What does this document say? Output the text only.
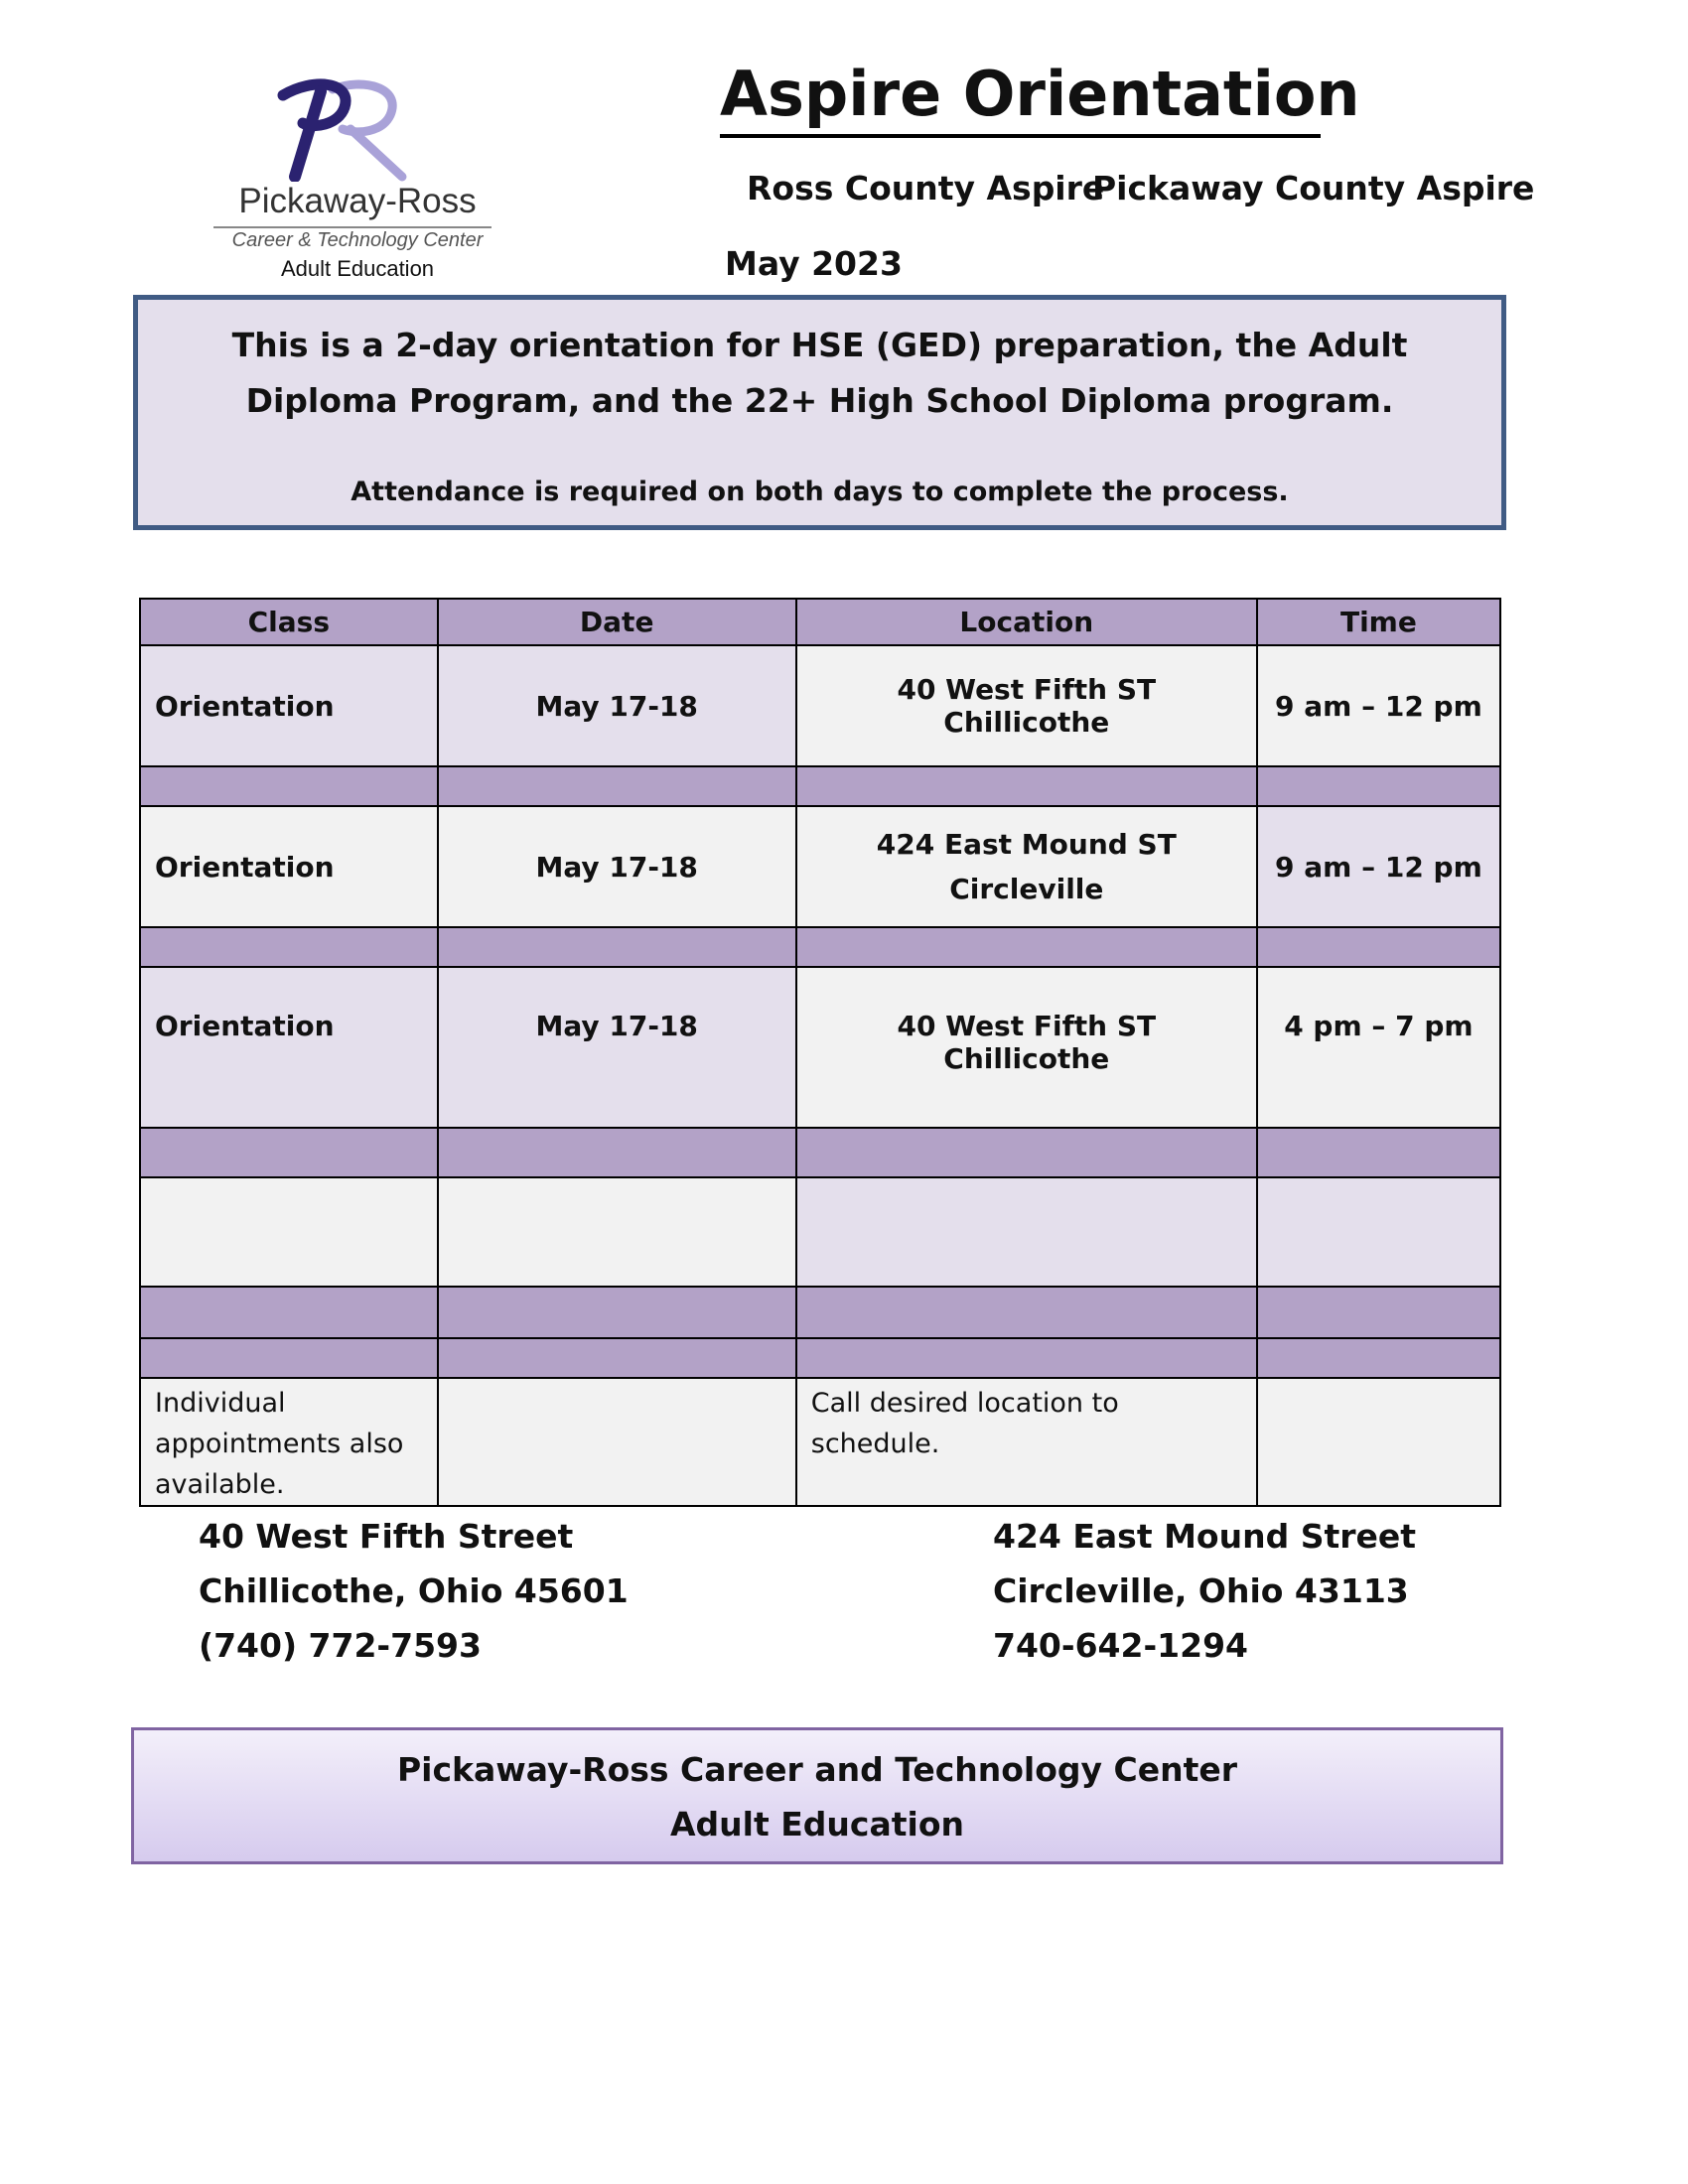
Pickaway-Ross
Career & Technology Center
Adult Education
Aspire Orientation
Ross County Aspire
Pickaway County Aspire
May 2023
This is a 2-day orientation for HSE (GED) preparation, the Adult Diploma Program, and the 22+ High School Diploma program.
Attendance is required on both days to complete the process.
Class	Date	Location	Time
Orientation	May 17-18	40 West Fifth ST Chillicothe	9 am – 12 pm

Orientation	May 17-18	424 East Mound ST Circleville	9 am – 12 pm

Orientation	May 17-18	40 West Fifth ST Chillicothe	4 pm – 7 pm

Individual appointments also available.		Call desired location to schedule.	
40 West Fifth Street
Chillicothe, Ohio 45601
(740) 772-7593
424 East Mound Street
Circleville, Ohio 43113
740-642-1294
Pickaway-Ross Career and Technology Center
Adult Education
